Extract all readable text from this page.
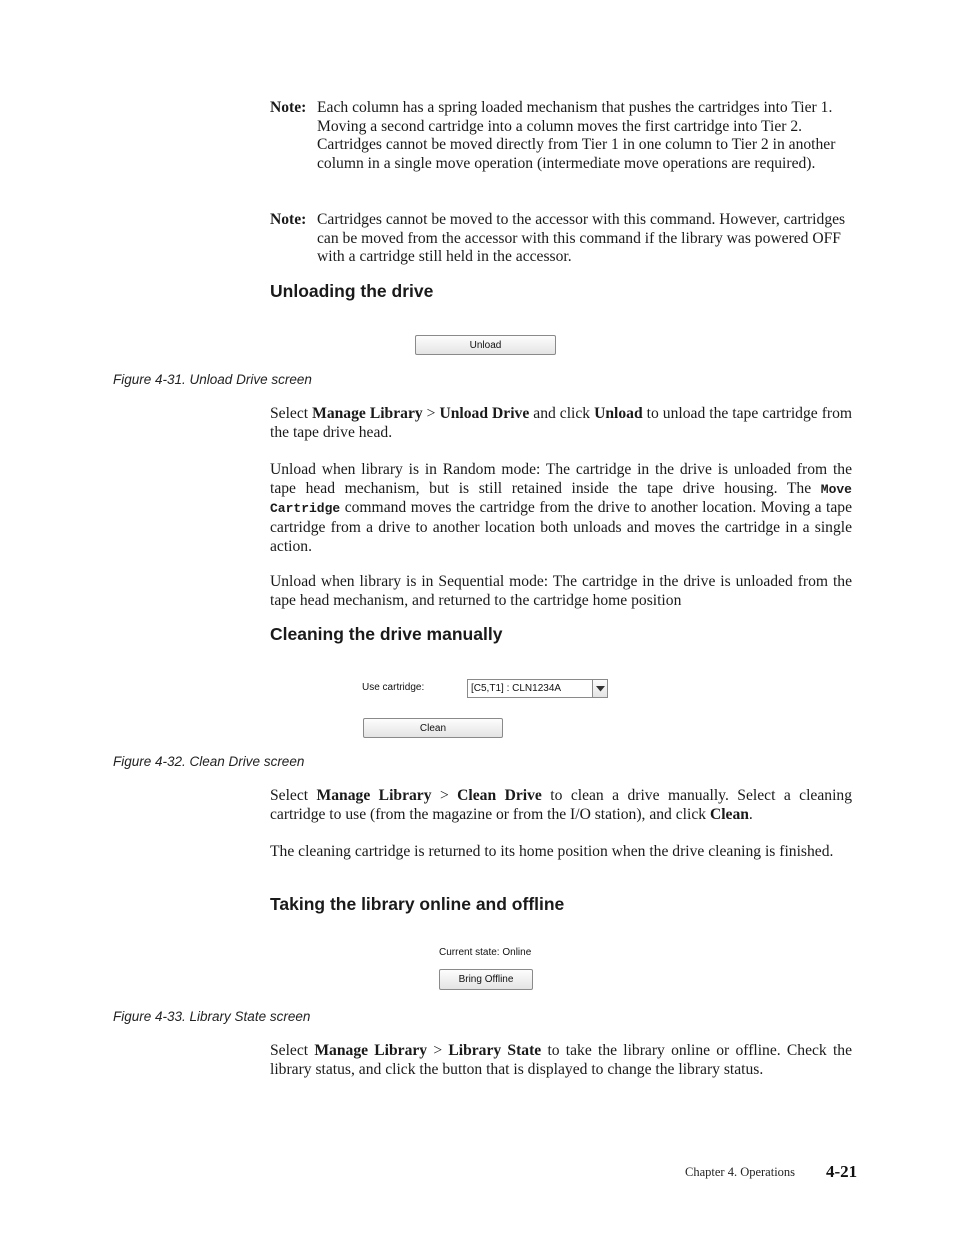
Note: Each column has a spring loaded mechanism that pushes the cartridges into Tier 1. Moving a second cartridge into a column moves the first cartridge into Tier 2. Cartridges cannot be moved directly from Tier 1 in one column to Tier 2 in another column in a single move operation (intermediate move operations are required).
Note: Cartridges cannot be moved to the accessor with this command. However, cartridges can be moved from the accessor with this command if the library was powered OFF with a cartridge still held in the accessor.
Unloading the drive
Unload
Figure 4-31. Unload Drive screen
Select Manage Library > Unload Drive and click Unload to unload the tape cartridge from the tape drive head.
Unload when library is in Random mode: The cartridge in the drive is unloaded from the tape head mechanism, but is still retained inside the tape drive housing. The Move Cartridge command moves the cartridge from the drive to another location. Moving a tape cartridge from a drive to another location both unloads and moves the cartridge in a single action.
Unload when library is in Sequential mode: The cartridge in the drive is unloaded from the tape head mechanism, and returned to the cartridge home position
Cleaning the drive manually
Use cartridge:	[C5,T1] : CLN1234A
Clean
Figure 4-32. Clean Drive screen
Select Manage Library > Clean Drive to clean a drive manually. Select a cleaning cartridge to use (from the magazine or from the I/O station), and click Clean.
The cleaning cartridge is returned to its home position when the drive cleaning is finished.
Taking the library online and offline
Current state: Online
Bring Offline
Figure 4-33. Library State screen
Select Manage Library > Library State to take the library online or offline. Check the library status, and click the button that is displayed to change the library status.
Chapter 4. Operations 4-21
